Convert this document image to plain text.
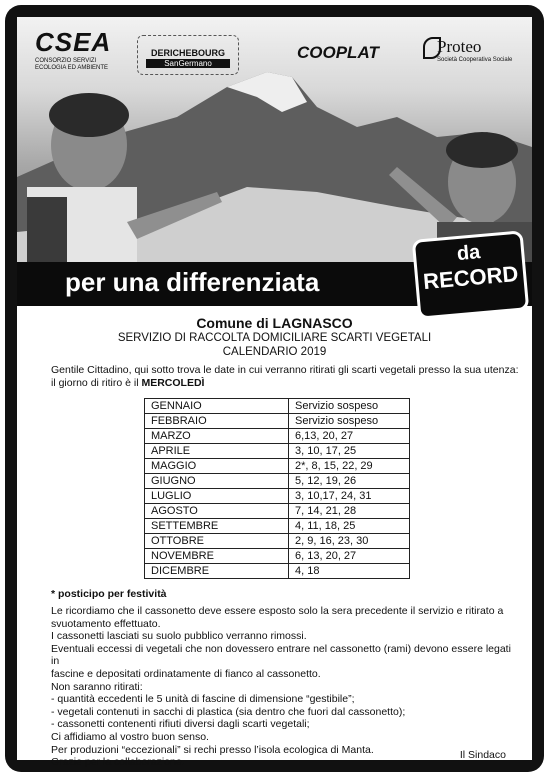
CSEA
CONSORZIO SERVIZI
ECOLOGIA ED AMBIENTE
DERICHEBOURG
SanGermano
COOPLAT	Proteo
Società Cooperativa Sociale
per una differenziata
da
RECORD
Comune di LAGNASCO
SERVIZIO DI RACCOLTA DOMICILIARE SCARTI VEGETALI
CALENDARIO 2019
Gentile Cittadino, qui sotto trova le date in cui verranno ritirati gli scarti vegetali presso la sua utenza: il giorno di ritiro è il MERCOLEDÌ
GENNAIO	Servizio sospeso
FEBBRAIO	Servizio sospeso
MARZO	6,13, 20, 27
APRILE	3, 10, 17, 25
MAGGIO	2*, 8, 15, 22, 29
GIUGNO	5, 12, 19, 26
LUGLIO	3, 10,17, 24, 31
AGOSTO	7, 14, 21, 28
SETTEMBRE	4, 11, 18, 25
OTTOBRE	2, 9, 16, 23, 30
NOVEMBRE	6, 13, 20, 27
DICEMBRE	4, 18
* posticipo per festività
Le ricordiamo che il cassonetto deve essere esposto solo la sera precedente il servizio e ritirato a
svuotamento effettuato.
I cassonetti lasciati su suolo pubblico verranno rimossi.
Eventuali eccessi di vegetali che non dovessero entrare nel cassonetto (rami) devono essere legati in
fascine e depositati ordinatamente di fianco al cassonetto.
Non saranno ritirati:
- quantità eccedenti le 5 unità di fascine di dimensione “gestibile”;
- vegetali contenuti in sacchi di plastica (sia dentro che fuori dal cassonetto);
- cassonetti contenenti rifiuti diversi dagli scarti vegetali;
Ci affidiamo al vostro buon senso.
Per produzioni “eccezionali” si rechi presso l’isola ecologica di Manta.
Grazie per la collaborazione.
Il Sindaco
